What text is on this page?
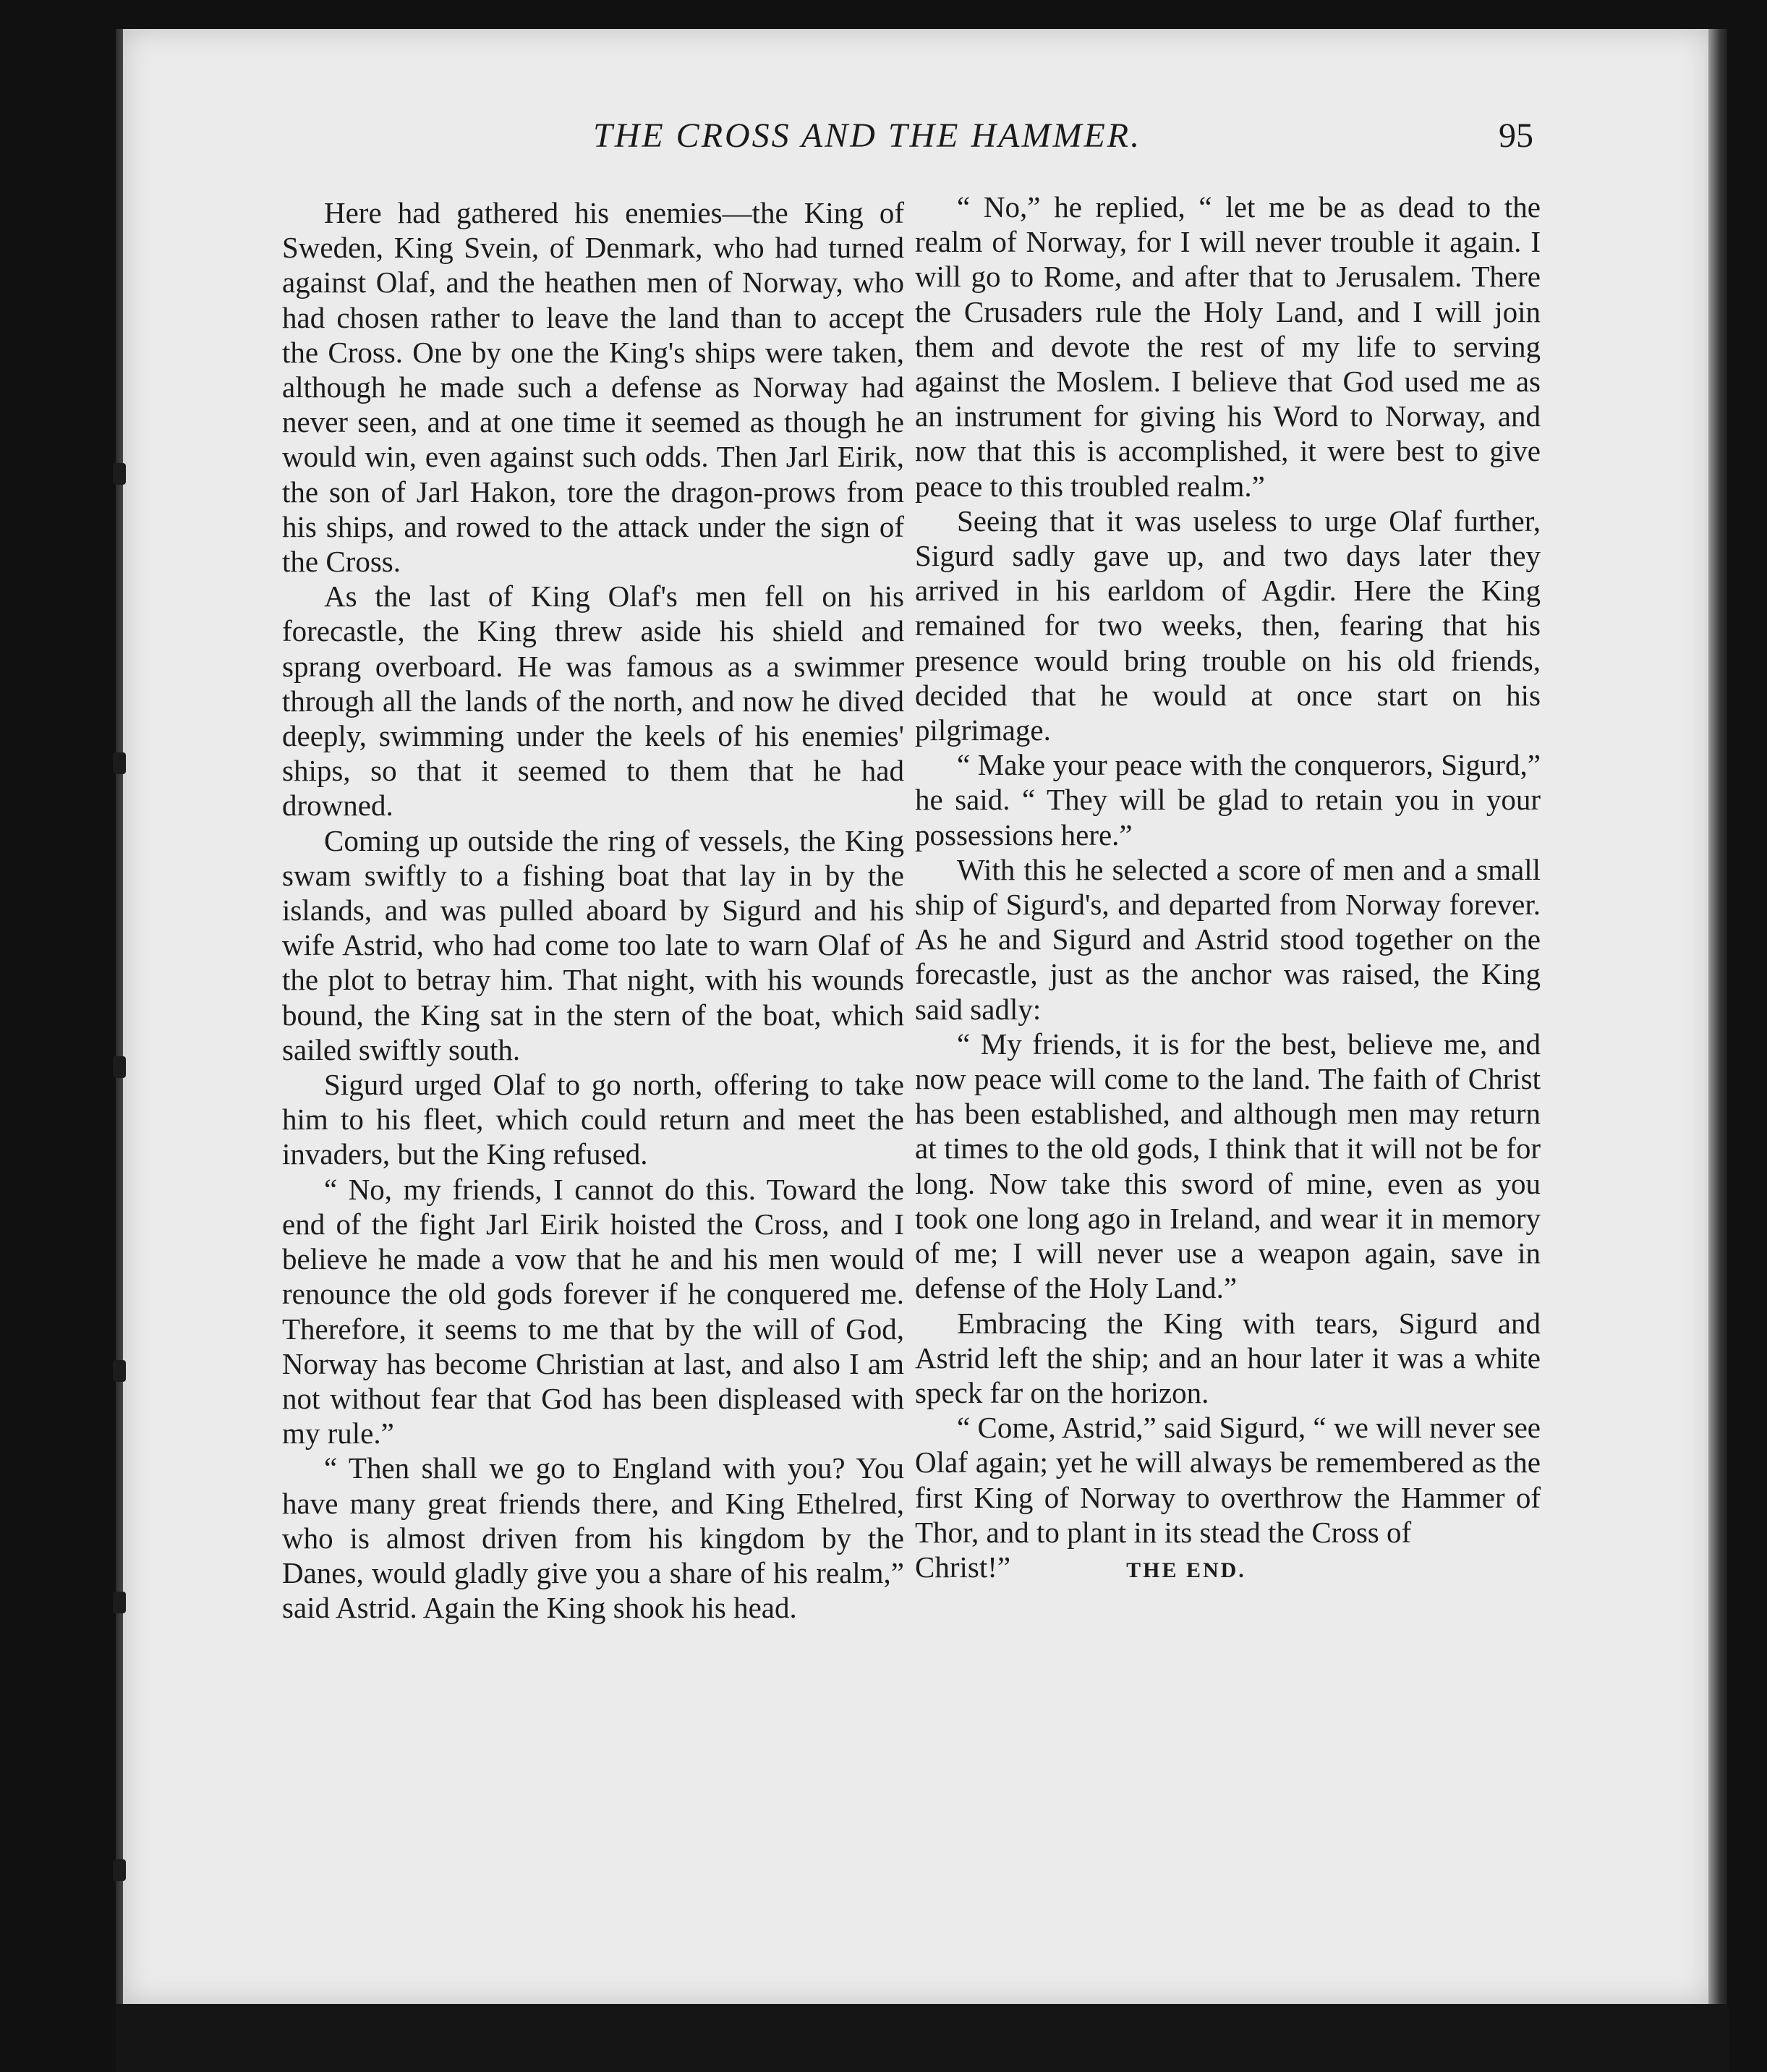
THE CROSS AND THE HAMMER.	95

Here had gathered his enemies—the King of Sweden, King Svein, of Denmark, who had turned against Olaf, and the heathen men of Norway, who had chosen rather to leave the land than to accept the Cross. One by one the King's ships were taken, although he made such a defense as Norway had never seen, and at one time it seemed as though he would win, even against such odds. Then Jarl Eirik, the son of Jarl Hakon, tore the dragon-prows from his ships, and rowed to the attack under the sign of the Cross.

As the last of King Olaf's men fell on his forecastle, the King threw aside his shield and sprang overboard. He was famous as a swimmer through all the lands of the north, and now he dived deeply, swimming under the keels of his enemies' ships, so that it seemed to them that he had drowned.

Coming up outside the ring of vessels, the King swam swiftly to a fishing boat that lay in by the islands, and was pulled aboard by Sigurd and his wife Astrid, who had come too late to warn Olaf of the plot to betray him. That night, with his wounds bound, the King sat in the stern of the boat, which sailed swiftly south.

Sigurd urged Olaf to go north, offering to take him to his fleet, which could return and meet the invaders, but the King refused.

“ No, my friends, I cannot do this. Toward the end of the fight Jarl Eirik hoisted the Cross, and I believe he made a vow that he and his men would renounce the old gods forever if he conquered me. Therefore, it seems to me that by the will of God, Norway has become Christian at last, and also I am not without fear that God has been displeased with my rule.”

“ Then shall we go to England with you? You have many great friends there, and King Ethelred, who is almost driven from his kingdom by the Danes, would gladly give you a share of his realm,” said Astrid. Again the King shook his head.

“ No,” he replied, “ let me be as dead to the realm of Norway, for I will never trouble it again. I will go to Rome, and after that to Jerusalem. There the Crusaders rule the Holy Land, and I will join them and devote the rest of my life to serving against the Moslem. I believe that God used me as an instrument for giving his Word to Norway, and now that this is accomplished, it were best to give peace to this troubled realm.”

Seeing that it was useless to urge Olaf further, Sigurd sadly gave up, and two days later they arrived in his earldom of Agdir. Here the King remained for two weeks, then, fearing that his presence would bring trouble on his old friends, decided that he would at once start on his pilgrimage.

“ Make your peace with the conquerors, Sigurd,” he said. “ They will be glad to retain you in your possessions here.”

With this he selected a score of men and a small ship of Sigurd's, and departed from Norway forever. As he and Sigurd and Astrid stood together on the forecastle, just as the anchor was raised, the King said sadly:

“ My friends, it is for the best, believe me, and now peace will come to the land. The faith of Christ has been established, and although men may return at times to the old gods, I think that it will not be for long. Now take this sword of mine, even as you took one long ago in Ireland, and wear it in memory of me; I will never use a weapon again, save in defense of the Holy Land.”

Embracing the King with tears, Sigurd and Astrid left the ship; and an hour later it was a white speck far on the horizon.

“ Come, Astrid,” said Sigurd, “ we will never see Olaf again; yet he will always be remembered as the first King of Norway to overthrow the Hammer of Thor, and to plant in its stead the Cross of

Christ!”	THE END.
